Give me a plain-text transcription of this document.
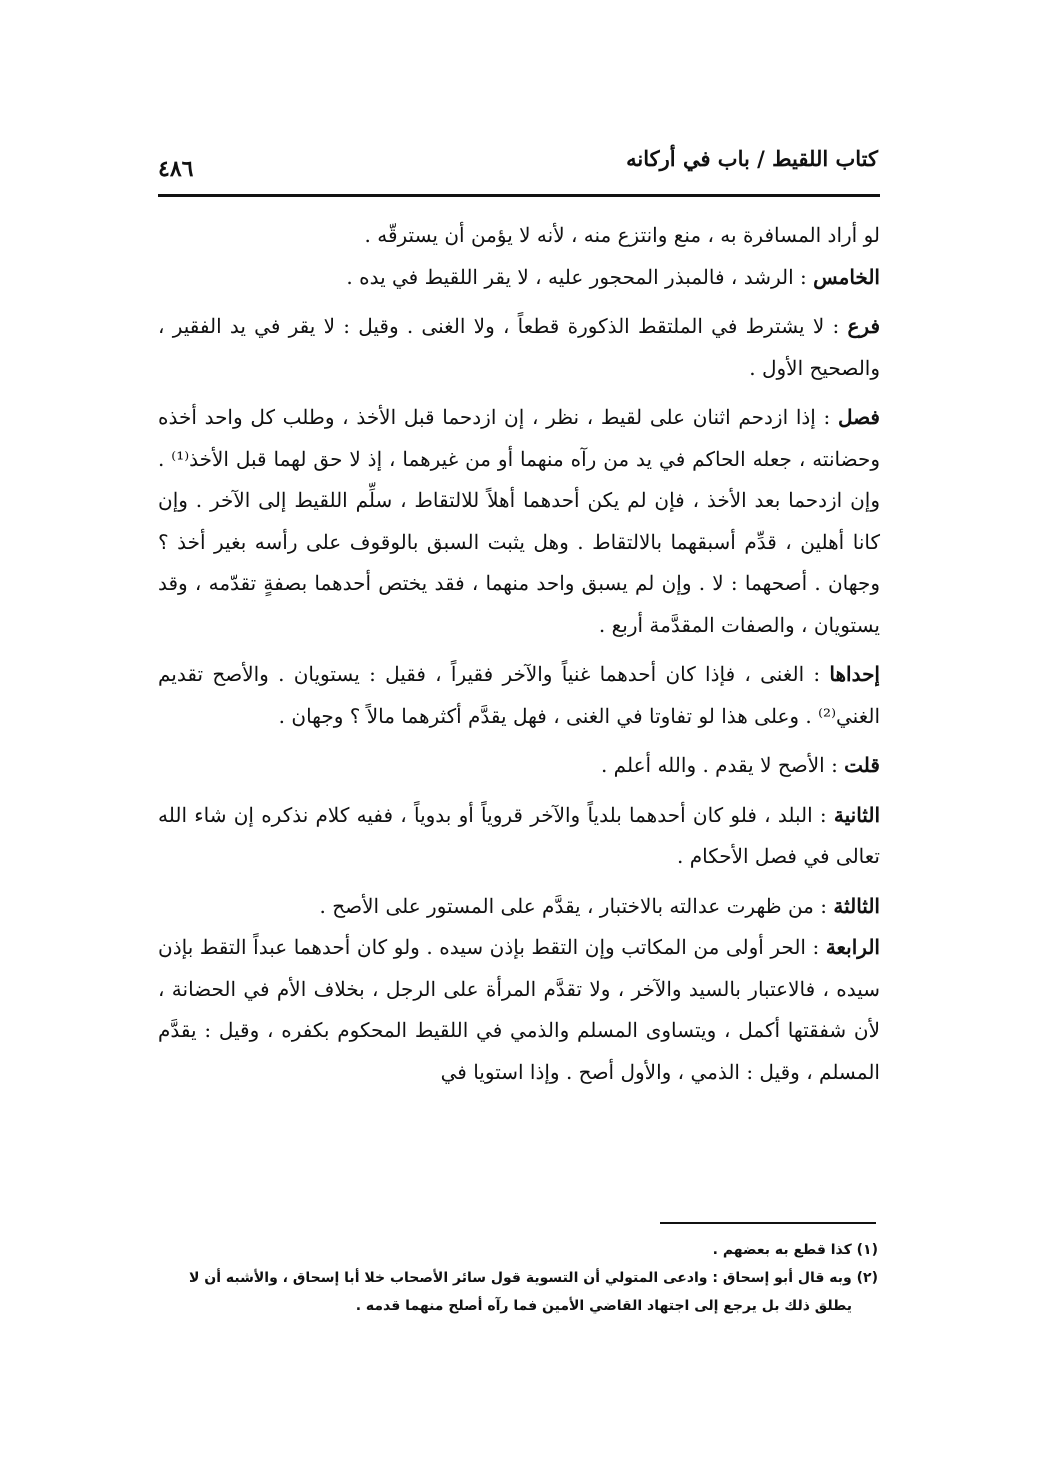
كتاب اللقيط / باب في أركانه
٤٨٦

لو أراد المسافرة به ، منع وانتزع منه ، لأنه لا يؤمن أن يسترقّه .

الخامس : الرشد ، فالمبذر المحجور عليه ، لا يقر اللقيط في يده .

فرع : لا يشترط في الملتقط الذكورة قطعاً ، ولا الغنى . وقيل : لا يقر في يد الفقير ، والصحيح الأول .

فصل : إذا ازدحم اثنان على لقيط ، نظر ، إن ازدحما قبل الأخذ ، وطلب كل واحد أخذه وحضانته ، جعله الحاكم في يد من رآه منهما أو من غيرهما ، إذ لا حق لهما قبل الأخذ⁽¹⁾ . وإن ازدحما بعد الأخذ ، فإن لم يكن أحدهما أهلاً للالتقاط ، سلِّم اللقيط إلى الآخر . وإن كانا أهلين ، قدِّم أسبقهما بالالتقاط . وهل يثبت السبق بالوقوف على رأسه بغير أخذ ؟ وجهان . أصحهما : لا . وإن لم يسبق واحد منهما ، فقد يختص أحدهما بصفةٍ تقدّمه ، وقد يستويان ، والصفات المقدَّمة أربع .

إحداها : الغنى ، فإذا كان أحدهما غنياً والآخر فقيراً ، فقيل : يستويان . والأصح تقديم الغني⁽²⁾ . وعلى هذا لو تفاوتا في الغنى ، فهل يقدَّم أكثرهما مالاً ؟ وجهان .

قلت : الأصح لا يقدم . والله أعلم .

الثانية : البلد ، فلو كان أحدهما بلدياً والآخر قروياً أو بدوياً ، ففيه كلام نذكره إن شاء الله تعالى في فصل الأحكام .

الثالثة : من ظهرت عدالته بالاختبار ، يقدَّم على المستور على الأصح .

الرابعة : الحر أولى من المكاتب وإن التقط بإذن سيده . ولو كان أحدهما عبداً التقط بإذن سيده ، فالاعتبار بالسيد والآخر ، ولا تقدَّم المرأة على الرجل ، بخلاف الأم في الحضانة ، لأن شفقتها أكمل ، ويتساوى المسلم والذمي في اللقيط المحكوم بكفره ، وقيل : يقدَّم المسلم ، وقيل : الذمي ، والأول أصح . وإذا استويا في

(١) كذا قطع به بعضهم .

(٢) وبه قال أبو إسحاق : وادعى المتولي أن التسوية قول سائر الأصحاب خلا أبا إسحاق ، والأشبه أن لا

يطلق ذلك بل يرجع إلى اجتهاد القاضي الأمين فما رآه أصلح منهما قدمه .
